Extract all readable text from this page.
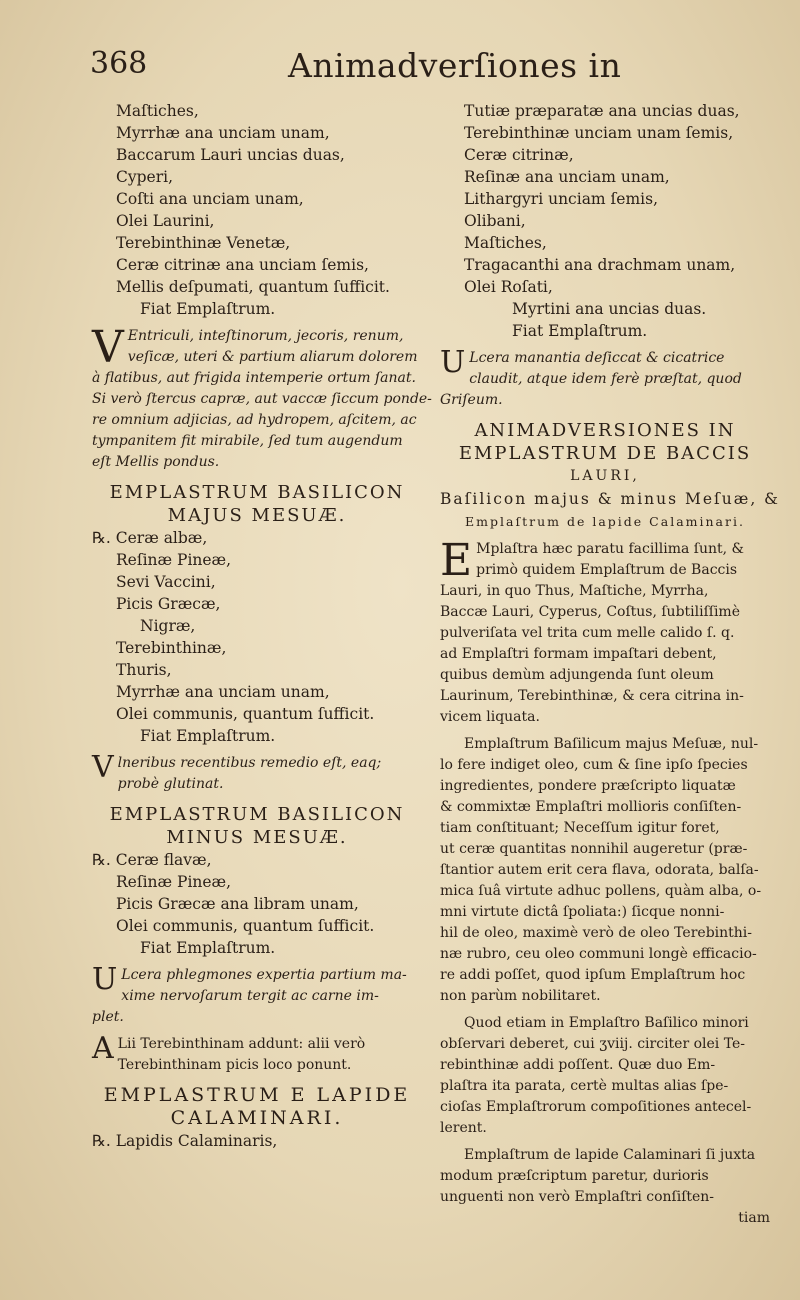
368	Animadverſiones in
Maſtiches,
Myrrhæ ana unciam unam,
Baccarum Lauri uncias duas,
Cyperi,
Coſti ana unciam unam,
Olei Laurini,
Terebinthinæ Venetæ,
Ceræ citrinæ ana unciam ſemis,
Mellis deſpumati, quantum ſufficit.
Fiat Emplaſtrum.
V Entriculi, inteſtinorum, jecoris, renum,
veſicæ, uteri & partium aliarum dolorem
à flatibus, aut frigida intemperie ortum ſanat.
Si verò ſtercus capræ, aut vaccæ ſiccum ponde-
re omnium adjicias, ad hydropem, aſcitem, ac
tympanitem fit mirabile, ſed tum augendum
eſt Mellis pondus.
EMPLASTRUM BASILICON
MAJUS MESUÆ.
℞. Ceræ albæ,
Reſinæ Pineæ,
Sevi Vaccini,
Picis Græcæ,
Nigræ,
Terebinthinæ,
Thuris,
Myrrhæ ana unciam unam,
Olei communis, quantum ſufficit.
Fiat Emplaſtrum.
V lneribus recentibus remedio eſt, eaq;
probè glutinat.
EMPLASTRUM BASILICON
MINUS MESUÆ.
℞. Ceræ flavæ,
Reſinæ Pineæ,
Picis Græcæ ana libram unam,
Olei communis, quantum ſufficit.
Fiat Emplaſtrum.
U Lcera phlegmones expertia partium ma-
xime nervoſarum tergit ac carne im-
plet.
A Lii Terebinthinam addunt: alii verò
Terebinthinam picis loco ponunt.
EMPLASTRUM E LAPIDE
CALAMINARI.
℞. Lapidis Calaminaris,
Tutiæ præparatæ ana uncias duas,
Terebinthinæ unciam unam ſemis,
Ceræ citrinæ,
Reſinæ ana unciam unam,
Lithargyri unciam ſemis,
Olibani,
Maſtiches,
Tragacanthi ana drachmam unam,
Olei Roſati,
Myrtini ana uncias duas.
Fiat Emplaſtrum.
U Lcera manantia deſiccat & cicatrice
claudit, atque idem ferè præſtat, quod
Griſeum.
ANIMADVERSIONES IN
EMPLASTRUM DE BACCIS
LAURI,
Baſilicon majus & minus Meſuæ, &
Emplaſtrum de lapide Calaminari.
E Mplaſtra hæc paratu facillima ſunt, &
primò quidem Emplaſtrum de Baccis
Lauri, in quo Thus, Maſtiche, Myrrha,
Baccæ Lauri, Cyperus, Coſtus, ſubtiliſſimè
pulveriſata vel trita cum melle calido ſ. q.
ad Emplaſtri formam impaſtari debent,
quibus demùm adjungenda ſunt oleum
Laurinum, Terebinthinæ, & cera citrina in-
vicem liquata.
Emplaſtrum Baſilicum majus Meſuæ, nul-
lo fere indiget oleo, cum & ſine ipſo ſpecies
ingredientes, pondere præſcripto liquatæ
& commixtæ Emplaſtri mollioris conſiſten-
tiam conſtituant; Neceſſum igitur foret,
ut ceræ quantitas nonnihil augeretur (præ-
ſtantior autem erit cera flava, odorata, balſa-
mica ſuâ virtute adhuc pollens, quàm alba, o-
mni virtute dictâ ſpoliata:) ſicque nonni-
hil de oleo, maximè verò de oleo Terebinthi-
næ rubro, ceu oleo communi longè efficacio-
re addi poſſet, quod ipſum Emplaſtrum hoc
non parùm nobilitaret.
Quod etiam in Emplaſtro Baſilico minori
obſervari deberet, cui ʒviij. circiter olei Te-
rebinthinæ addi poſſent. Quæ duo Em-
plaſtra ita parata, certè multas alias ſpe-
cioſas Emplaſtrorum compoſitiones antecel-
lerent.
Emplaſtrum de lapide Calaminari ſi juxta
modum præſcriptum paretur, durioris
unguenti non verò Emplaſtri conſiſten-
tiam
